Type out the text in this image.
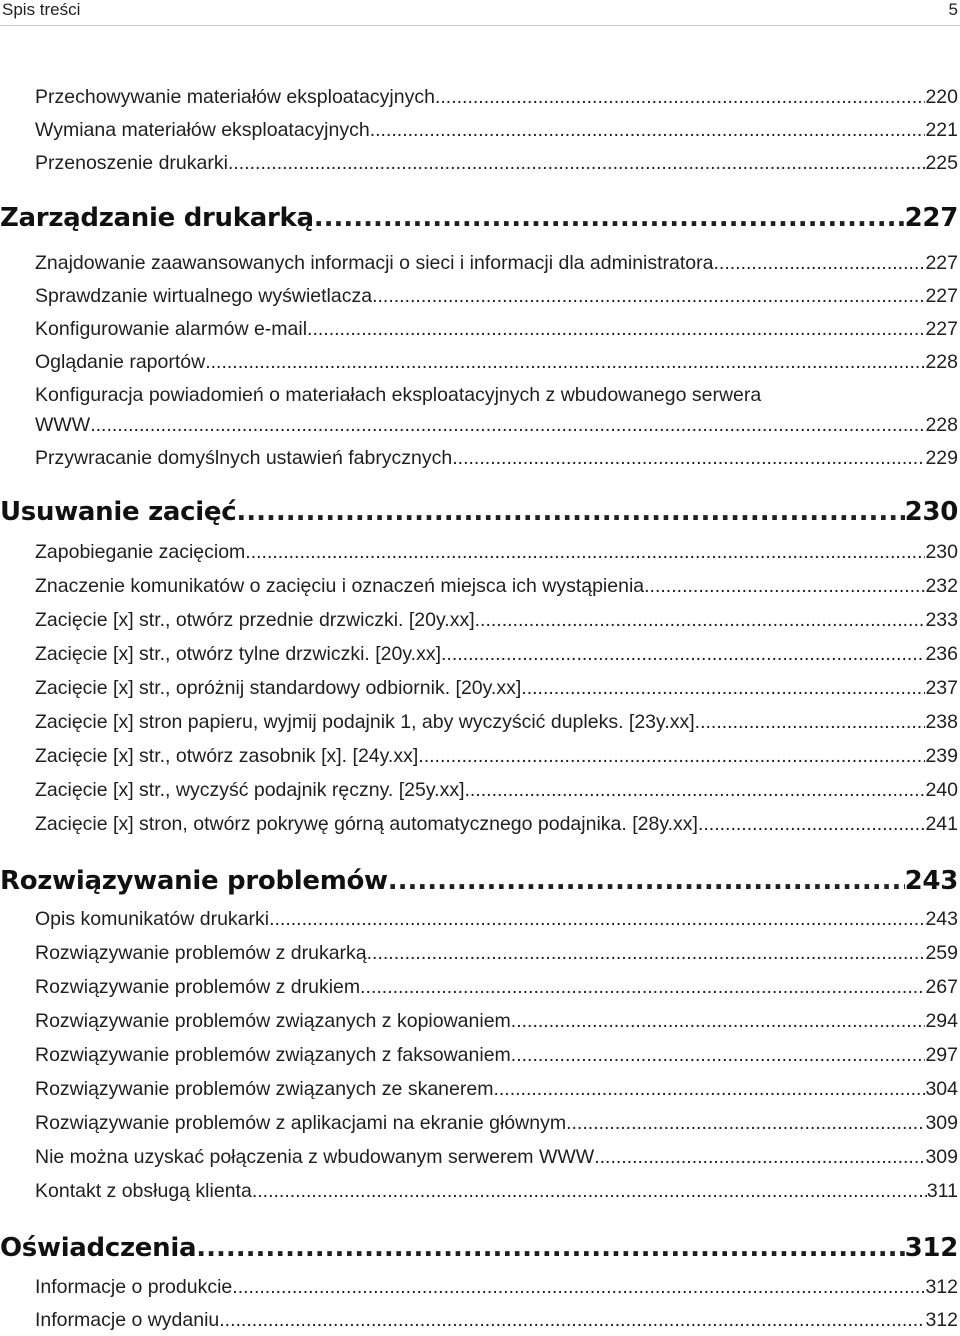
Spis treści	5
Przechowywanie materiałów eksploatacyjnych .....	220
Wymiana materiałów eksploatacyjnych .....	221
Przenoszenie drukarki .....	225
Zarządzanie drukarką .....	227
Znajdowanie zaawansowanych informacji o sieci i informacji dla administratora .....	227
Sprawdzanie wirtualnego wyświetlacza .....	227
Konfigurowanie alarmów e-mail .....	227
Oglądanie raportów .....	228
Konfiguracja powiadomień o materiałach eksploatacyjnych z wbudowanego serwera
WWW .....	228
Przywracanie domyślnych ustawień fabrycznych .....	229
Usuwanie zacięć .....	230
Zapobieganie zacięciom .....	230
Znaczenie komunikatów o zacięciu i oznaczeń miejsca ich wystąpienia .....	232
Zacięcie [x] str., otwórz przednie drzwiczki. [20y.xx] .....	233
Zacięcie [x] str., otwórz tylne drzwiczki. [20y.xx] .....	236
Zacięcie [x] str., opróżnij standardowy odbiornik. [20y.xx] .....	237
Zacięcie [x] stron papieru, wyjmij podajnik 1, aby wyczyścić dupleks. [23y.xx] .....	238
Zacięcie [x] str., otwórz zasobnik [x]. [24y.xx] .....	239
Zacięcie [x] str., wyczyść podajnik ręczny. [25y.xx] .....	240
Zacięcie [x] stron, otwórz pokrywę górną automatycznego podajnika. [28y.xx] .....	241
Rozwiązywanie problemów .....	243
Opis komunikatów drukarki .....	243
Rozwiązywanie problemów z drukarką .....	259
Rozwiązywanie problemów z drukiem .....	267
Rozwiązywanie problemów związanych z kopiowaniem .....	294
Rozwiązywanie problemów związanych z faksowaniem .....	297
Rozwiązywanie problemów związanych ze skanerem .....	304
Rozwiązywanie problemów z aplikacjami na ekranie głównym .....	309
Nie można uzyskać połączenia z wbudowanym serwerem WWW .....	309
Kontakt z obsługą klienta .....	311
Oświadczenia .....	312
Informacje o produkcie .....	312
Informacje o wydaniu .....	312
